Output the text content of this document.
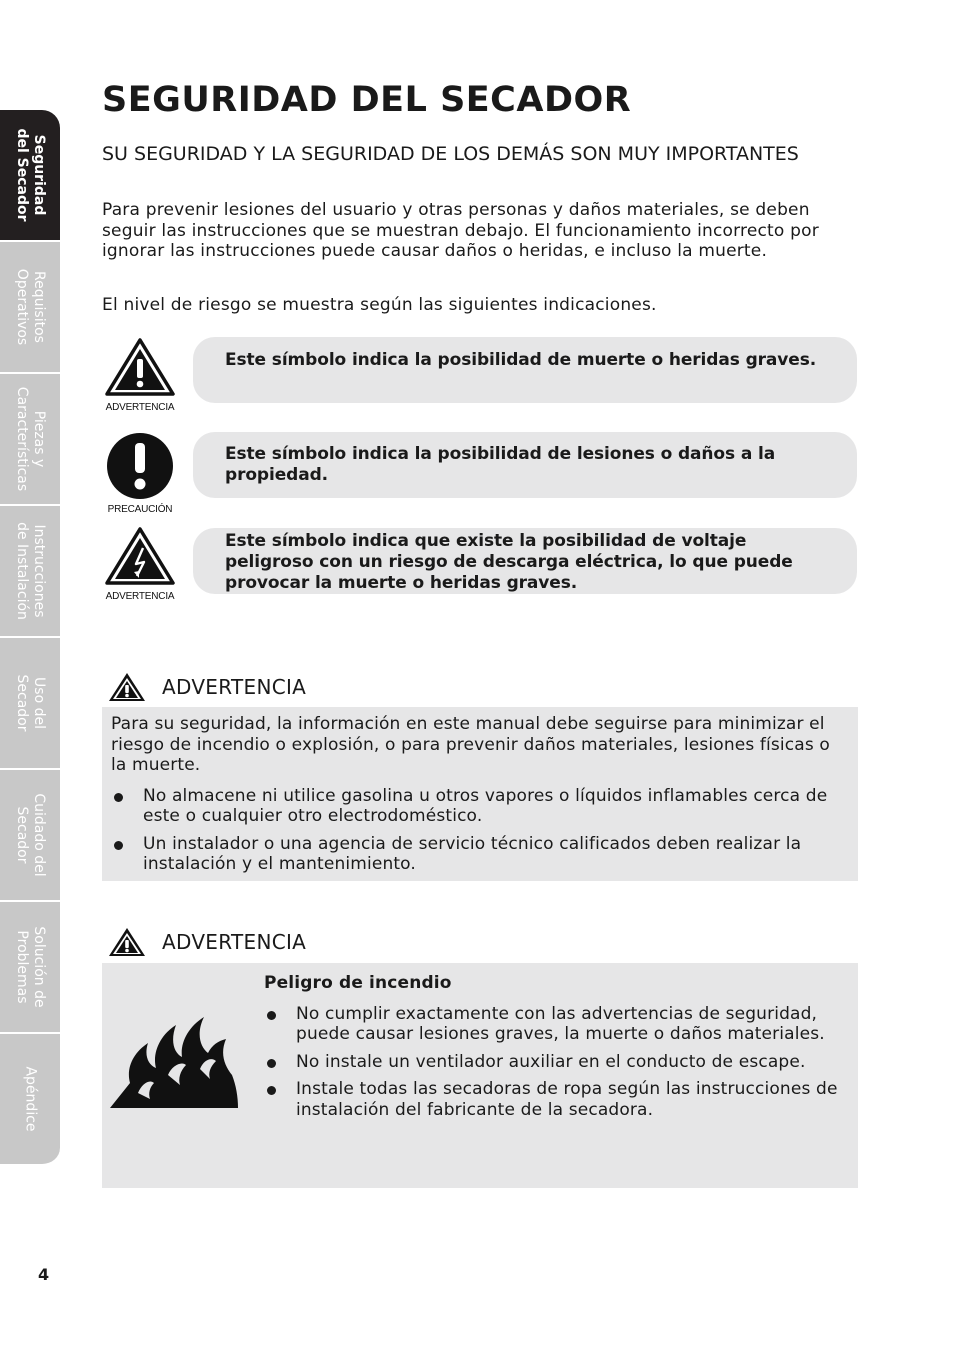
Seguridad
del Secador
Requisitos
Operativos
Piezas y
Características
Instrucciones
de Instalación
Uso del
Secador
Cuidado del
Secador
Solución de
Problemas
Apéndice
SEGURIDAD DEL SECADOR

SU SEGURIDAD Y LA SEGURIDAD DE LOS DEMÁS SON MUY IMPORTANTES

Para prevenir lesiones del usuario y otras personas y daños materiales, se deben seguir las instrucciones que se muestran debajo. El funcionamiento incorrecto por ignorar las instrucciones puede causar daños o heridas, e incluso la muerte.

El nivel de riesgo se muestra según las siguientes indicaciones.

ADVERTENCIA
Este símbolo indica la posibilidad de muerte o heridas graves.
PRECAUCIÓN
Este símbolo indica la posibilidad de lesiones o daños a la propiedad.
ADVERTENCIA
Este símbolo indica que existe la posibilidad de voltaje peligroso con un riesgo de descarga eléctrica, lo que puede provocar la muerte o heridas graves.
ADVERTENCIA

Para su seguridad, la información en este manual debe seguirse para minimizar el riesgo de incendio o explosión, o para prevenir daños materiales, lesiones físicas o la muerte.

No almacene ni utilice gasolina u otros vapores o líquidos inflamables cerca de este o cualquier otro electrodoméstico.
Un instalador o una agencia de servicio técnico calificados deben realizar la instalación y el mantenimiento.
ADVERTENCIA

Peligro de incendio

No cumplir exactamente con las advertencias de seguridad, puede causar lesiones graves, la muerte o daños materiales.
No instale un ventilador auxiliar en el conducto de escape.
Instale todas las secadoras de ropa según las instrucciones de instalación del fabricante de la secadora.
4
